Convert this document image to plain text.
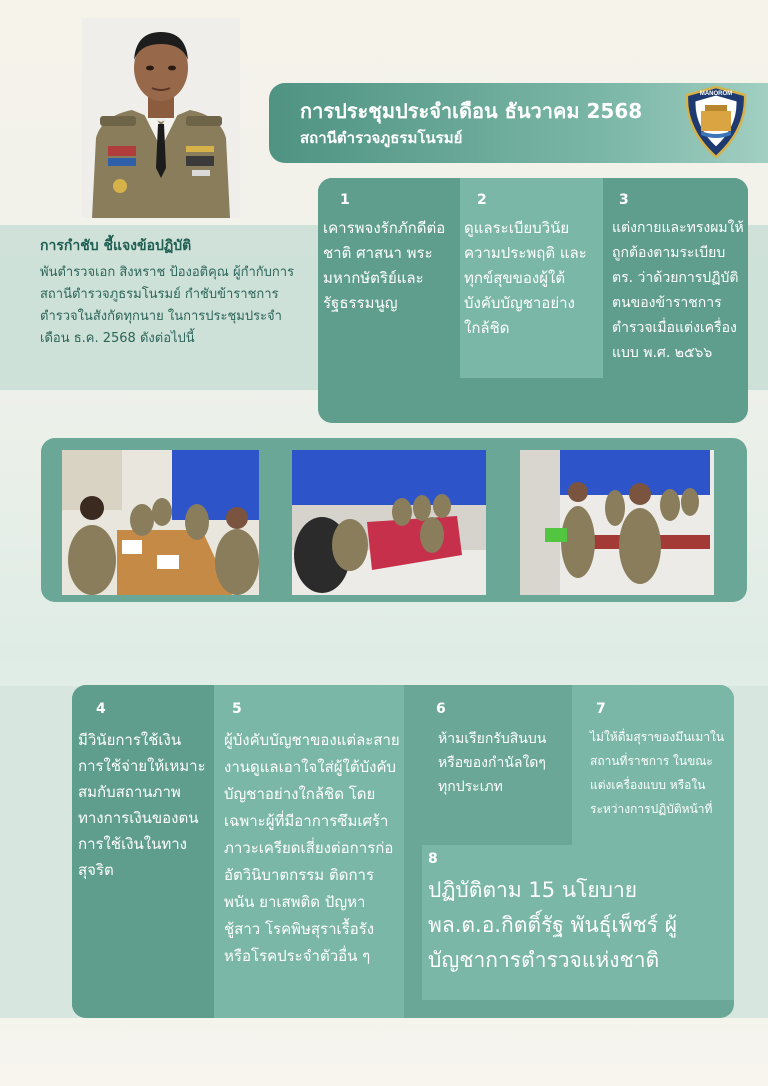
การประชุมประจำเดือน ธันวาคม 2568
สถานีตำรวจภูธรมโนรมย์
MANOROM
การกำชับ ชี้แจงข้อปฏิบัติ
พันตำรวจเอก สิงหราช ป้องอติคุณ ผู้กำกับการสถานีตำรวจภูธรมโนรมย์ กำชับข้าราชการตำรวจในสังกัดทุกนาย ในการประชุมประจำเดือน ธ.ค. 2568 ดังต่อไปนี้
1
เคารพจงรักภักดีต่อชาติ ศาสนา พระมหากษัตริย์และรัฐธรรมนูญ
2
ดูแลระเบียบวินัย ความประพฤติ และทุกข์สุขของผู้ใต้บังคับบัญชาอย่างใกล้ชิด
3
แต่งกายและทรงผมให้ถูกต้องตามระเบียบ ตร. ว่าด้วยการปฏิบัติตนของข้าราชการตำรวจเมื่อแต่งเครื่องแบบ พ.ศ. ๒๕๖๖
4
มีวินัยการใช้เงิน การใช้จ่ายให้เหมาะสมกับสถานภาพทางการเงินของตน การใช้เงินในทางสุจริต
5
ผู้บังคับบัญชาของแต่ละสายงานดูแลเอาใจใส่ผู้ใต้บังคับบัญชาอย่างใกล้ชิด โดยเฉพาะผู้ที่มีอาการซึมเศร้า ภาวะเครียดเสี่ยงต่อการก่ออัตวินิบาตกรรม ติดการพนัน ยาเสพติด ปัญหาชู้สาว โรคพิษสุราเรื้อรัง หรือโรคประจำตัวอื่น ๆ
6
ห้ามเรียกรับสินบนหรือของกำนัลใดๆ ทุกประเภท
7
ไม่ให้ดื่มสุราของมึนเมาในสถานที่ราชการ ในขณะแต่งเครื่องแบบ หรือในระหว่างการปฏิบัติหน้าที่
8
ปฏิบัติตาม 15 นโยบาย พล.ต.อ.กิตติ์รัฐ พันธุ์เพ็ชร์ ผู้บัญชาการตำรวจแห่งชาติ
